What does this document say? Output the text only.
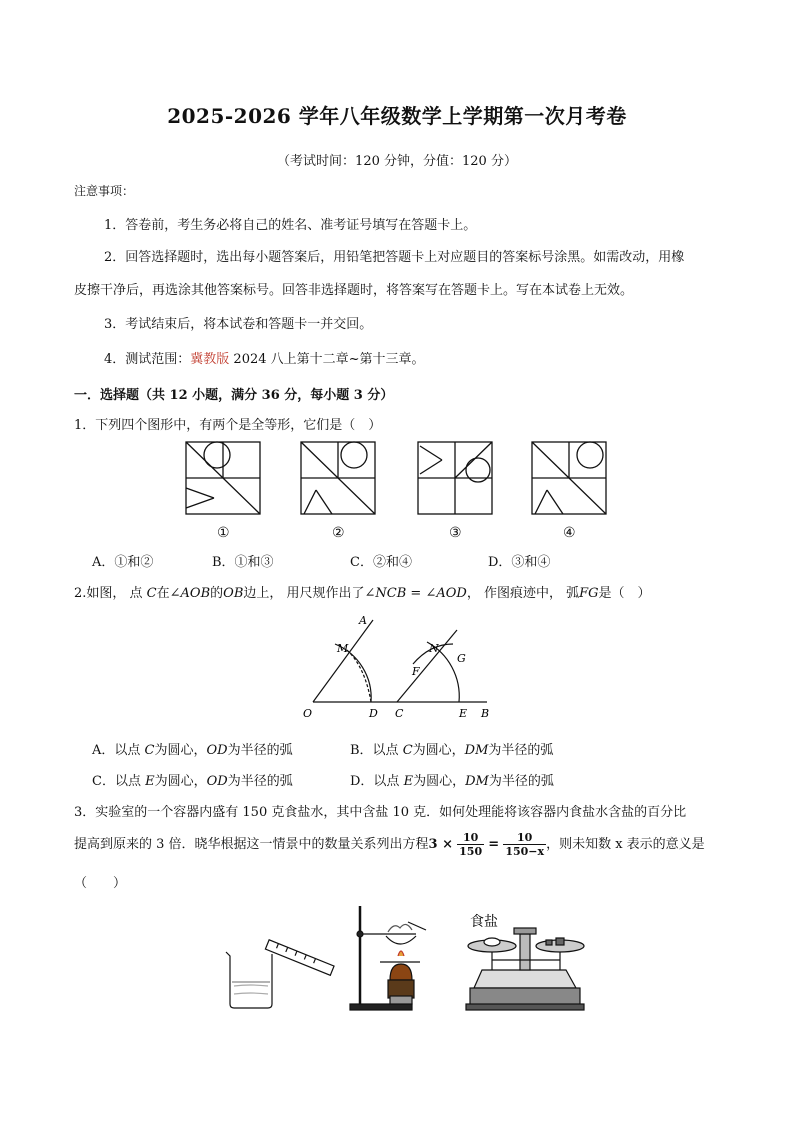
2025-2026 学年八年级数学上学期第一次月考卷
（考试时间：120 分钟，分值：120 分）
注意事项：
1．答卷前，考生务必将自己的姓名、准考证号填写在答题卡上。
2．回答选择题时，选出每小题答案后，用铅笔把答题卡上对应题目的答案标号涂黑。如需改动，用橡
皮擦干净后，再选涂其他答案标号。回答非选择题时，将答案写在答题卡上。写在本试卷上无效。
3．考试结束后，将本试卷和答题卡一并交回。
4．测试范围：冀教版 2024 八上第十二章~第十三章。
一．选择题（共 12 小题，满分 36 分，每小题 3 分）
1．下列四个图形中，有两个是全等形，它们是（　）
①	②	③	④
A．①和②	B．①和③	C．②和④	D．③和④
2.如图， 点 C在∠AOB的OB边上， 用尺规作出了∠NCB = ∠AOD， 作图痕迹中， 弧FG是（　）
A
M	N
F
G
O	D C	E B
A．以点 C为圆心，OD为半径的弧	B．以点 C为圆心，DM为半径的弧
C．以点 E为圆心，OD为半径的弧	D．以点 E为圆心，DM为半径的弧
3．实验室的一个容器内盛有 150 克食盐水，其中含盐 10 克．如何处理能将该容器内食盐水含盐的百分比
提高到原来的 3 倍．晓华根据这一情景中的数量关系列出方程$3 \times \frac{10}{150} = \frac{10}{150-x}$ ，则未知数 x 表示的意义是
（　　）
食盐
